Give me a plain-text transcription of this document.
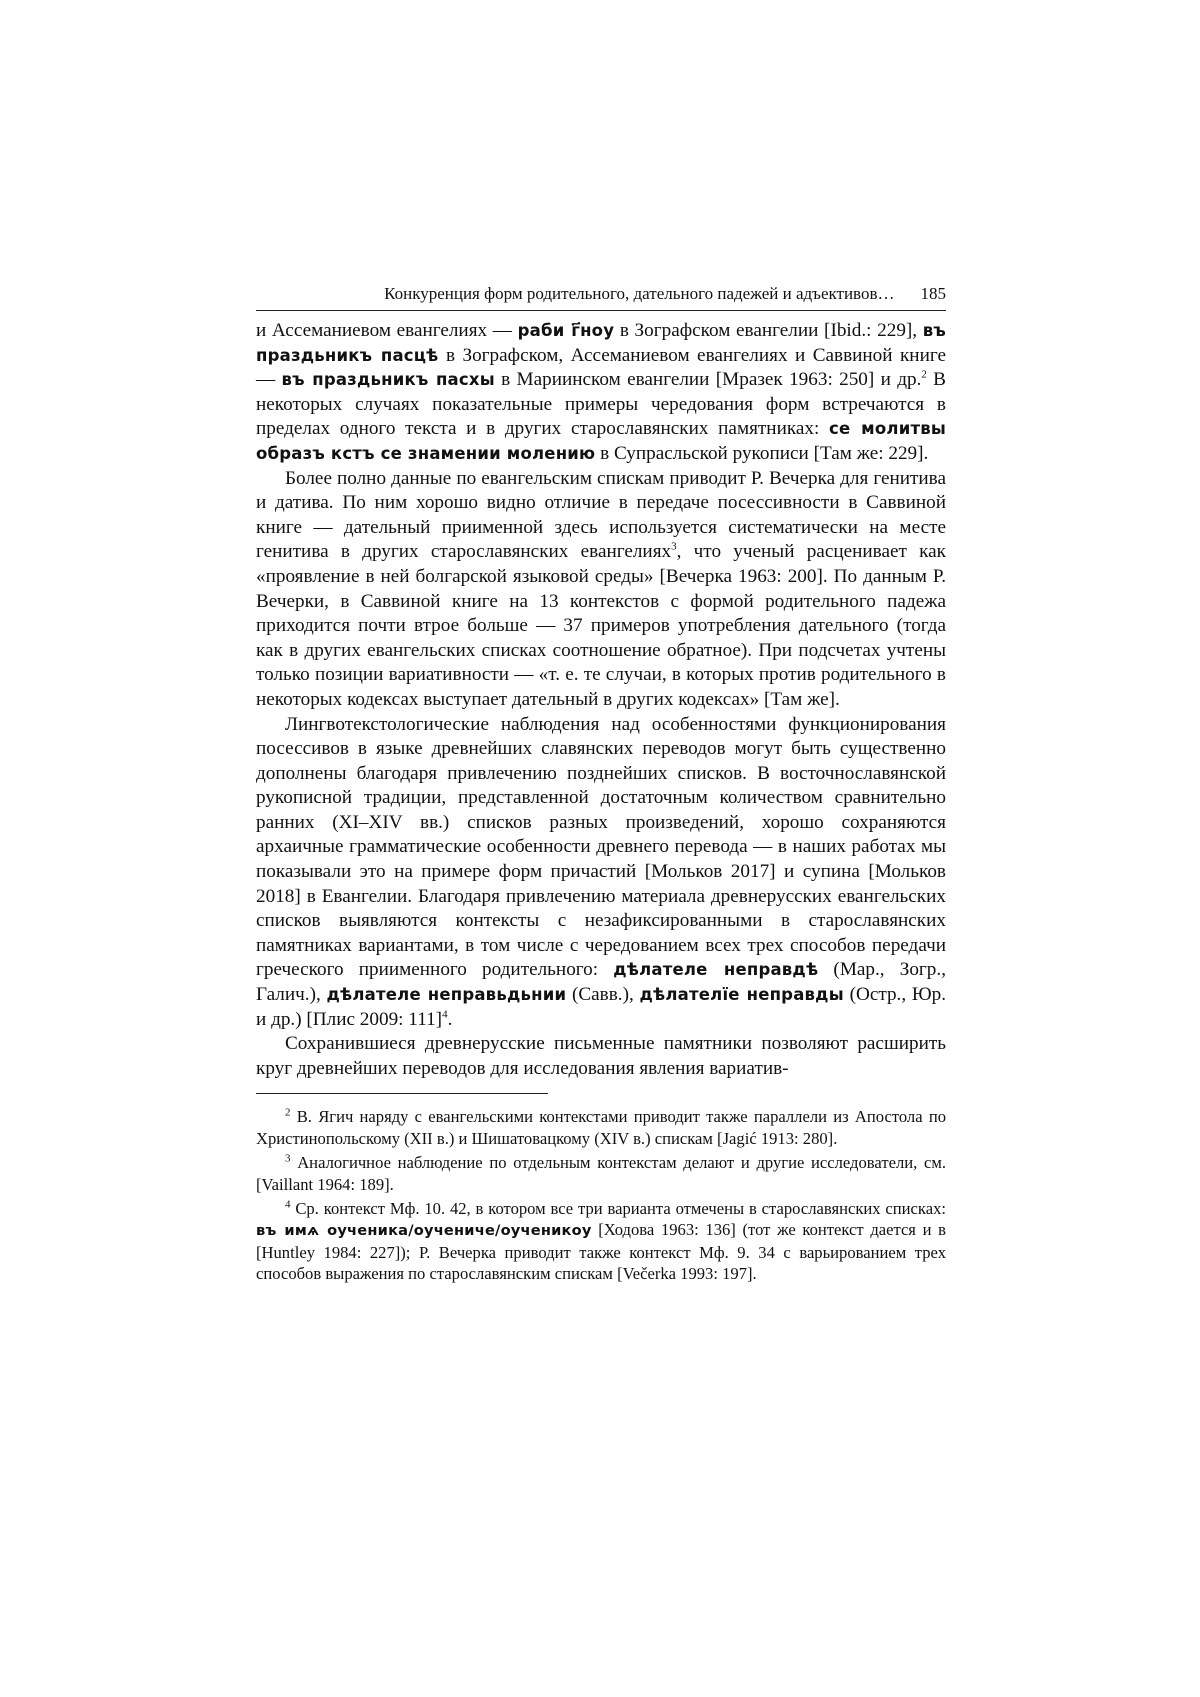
Конкуренция форм родительного, дательного падежей и адъективов… 185

и Ассеманиевом евангелиях — раби г҃ноу в Зографском евангелии [Ibid.: 229], въ праздьникъ пасцѣ в Зографском, Ассеманиевом евангелиях и Саввиной книге — въ праздьникъ пасхы в Мариинском евангелии [Мразек 1963: 250] и др.$^2$ В некоторых случаях показательные примеры чередования форм встречаются в пределах одного текста и в других старославянских памятниках: се молитвы образъ кстъ се знамении молению в Супрасльской рукописи [Там же: 229].

Более полно данные по евангельским спискам приводит Р. Вечерка для генитива и датива. По ним хорошо видно отличие в передаче посессивности в Саввиной книге — дательный приименной здесь используется систематически на месте генитива в других старославянских евангелиях$^3$, что ученый расценивает как «проявление в ней болгарской языковой среды» [Вечерка 1963: 200]. По данным Р. Вечерки, в Саввиной книге на 13 контекстов с формой родительного падежа приходится почти втрое больше — 37 примеров употребления дательного (тогда как в других евангельских списках соотношение обратное). При подсчетах учтены только позиции вариативности — «т. е. те случаи, в которых против родительного в некоторых кодексах выступает дательный в других кодексах» [Там же].

Лингвотекстологические наблюдения над особенностями функционирования посессивов в языке древнейших славянских переводов могут быть существенно дополнены благодаря привлечению позднейших списков. В восточнославянской рукописной традиции, представленной достаточным количеством сравнительно ранних (XI–XIV вв.) списков разных произведений, хорошо сохраняются архаичные грамматические особенности древнего перевода — в наших работах мы показывали это на примере форм причастий [Мольков 2017] и супина [Мольков 2018] в Евангелии. Благодаря привлечению материала древнерусских евангельских списков выявляются контексты с незафиксированными в старославянских памятниках вариантами, в том числе с чередованием всех трех способов передачи греческого приименного родительного: дѣлателе неправдѣ (Мар., Зогр., Галич.), дѣлателе неправьдьнии (Савв.), дѣлателїе неправды (Остр., Юр. и др.) [Плис 2009: 111]$^4$.

Сохранившиеся древнерусские письменные памятники позволяют расширить круг древнейших переводов для исследования явления вариатив-

$^2$ В. Ягич наряду с евангельскими контекстами приводит также параллели из Апостола по Христинопольскому (XII в.) и Шишатовацкому (XIV в.) спискам [Jagić 1913: 280].

$^3$ Аналогичное наблюдение по отдельным контекстам делают и другие исследователи, см. [Vaillant 1964: 189].

$^4$ Ср. контекст Мф. 10. 42, в котором все три варианта отмечены в старославянских списках: въ имѧ оученика/оученичe/оученикоу [Ходова 1963: 136] (тот же контекст дается и в [Huntley 1984: 227]); Р. Вечерка приводит также контекст Мф. 9. 34 с варьированием трех способов выражения по старославянским спискам [Večerka 1993: 197].
